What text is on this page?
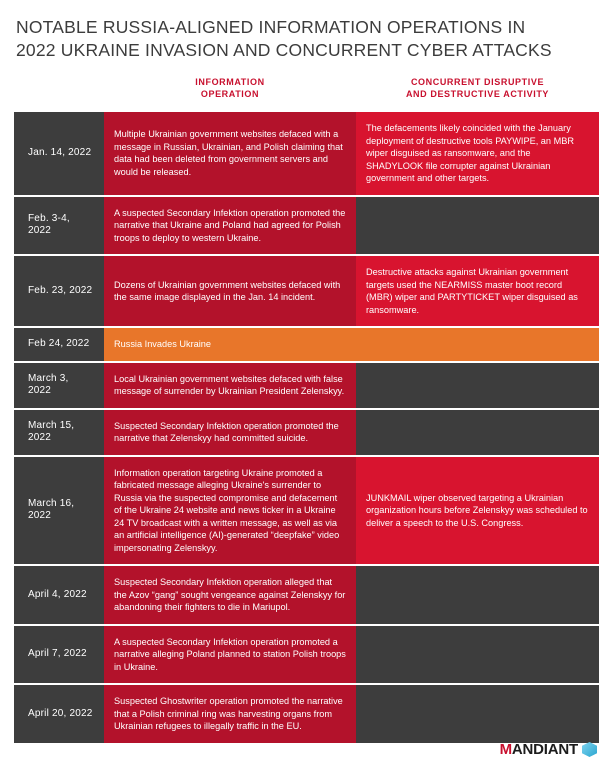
NOTABLE RUSSIA-ALIGNED INFORMATION OPERATIONS IN
2022 UKRAINE INVASION AND CONCURRENT CYBER ATTACKS

	INFORMATION
OPERATION	CONCURRENT DISRUPTIVE
AND DESTRUCTIVE ACTIVITY

Jan. 14, 2022	Multiple Ukrainian government websites defaced with a message in Russian, Ukrainian, and Polish claiming that data had been deleted from government servers and would be released.	The defacements likely coincided with the January deployment of destructive tools PAYWIPE, an MBR wiper disguised as ransomware, and the SHADYLOOK file corrupter against Ukrainian government and other targets.
Feb. 3-4, 2022	A suspected Secondary Infektion operation promoted the narrative that Ukraine and Poland had agreed for Polish troops to deploy to western Ukraine.	
Feb. 23, 2022	Dozens of Ukrainian government websites defaced with the same image displayed in the Jan. 14 incident.	Destructive attacks against Ukrainian government targets used the NEARMISS master boot record (MBR) wiper and PARTYTICKET wiper disguised as ransomware.
Feb 24, 2022	Russia Invades Ukraine	
March 3, 2022	Local Ukrainian government websites defaced with false message of surrender by Ukrainian President Zelenskyy.	
March 15, 2022	Suspected Secondary Infektion operation promoted the narrative that Zelenskyy had committed suicide.	
March 16, 2022	Information operation targeting Ukraine promoted a fabricated message alleging Ukraine's surrender to Russia via the suspected compromise and defacement of the Ukraine 24 website and news ticker in a Ukraine 24 TV broadcast with a written message, as well as via an artificial intelligence (AI)-generated “deepfake” video impersonating Zelenskyy.	JUNKMAIL wiper observed targeting a Ukrainian organization hours before Zelenskyy was scheduled to deliver a speech to the U.S. Congress.
April 4, 2022	Suspected Secondary Infektion operation alleged that the Azov “gang” sought vengeance against Zelenskyy for abandoning their fighters to die in Mariupol.	
April 7, 2022	A suspected Secondary Infektion operation promoted a narrative alleging Poland planned to station Polish troops in Ukraine.	
April 20, 2022	Suspected Ghostwriter operation promoted the narrative that a Polish criminal ring was harvesting organs from Ukrainian refugees to illegally traffic in the EU.	
MANDIANT
